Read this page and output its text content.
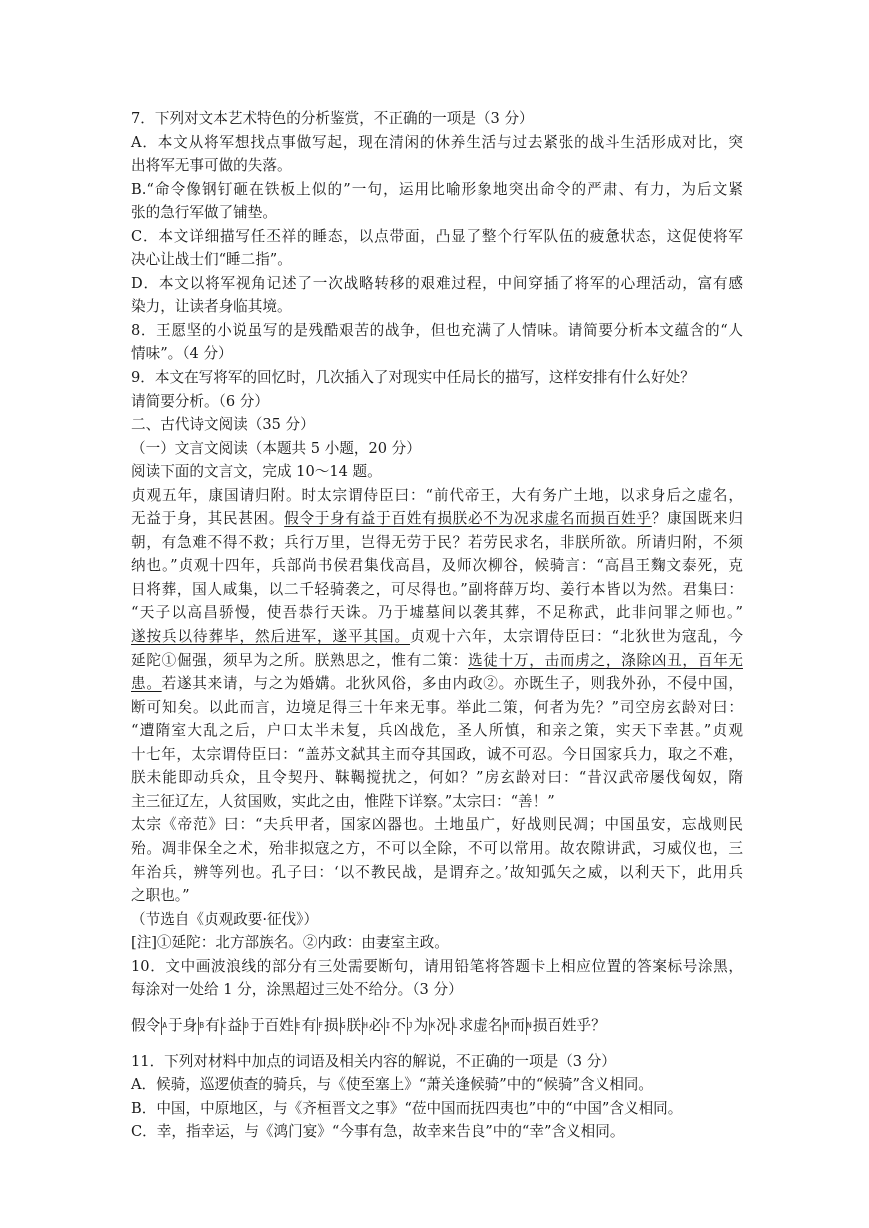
7．下列对文本艺术特色的分析鉴赏，不正确的一项是（3 分）
A．本文从将军想找点事做写起，现在清闲的休养生活与过去紧张的战斗生活形成对比，突
出将军无事可做的失落。
B.“命令像钢钉砸在铁板上似的”一句，运用比喻形象地突出命令的严肃、有力，为后文紧
张的急行军做了铺垫。
C．本文详细描写任丕祥的睡态，以点带面，凸显了整个行军队伍的疲惫状态，这促使将军
决心让战士们“睡二指”。
D．本文以将军视角记述了一次战略转移的艰难过程，中间穿插了将军的心理活动，富有感
染力，让读者身临其境。
8．王愿坚的小说虽写的是残酷艰苦的战争，但也充满了人情味。请简要分析本文蕴含的“人
情味”。（4 分）
9．本文在写将军的回忆时，几次插入了对现实中任局长的描写，这样安排有什么好处？
请简要分析。（6 分）
二、古代诗文阅读（35 分）
（一）文言文阅读（本题共 5 小题，20 分）
阅读下面的文言文，完成 10～14 题。
贞观五年，康国请归附。时太宗谓侍臣曰：“前代帝王，大有务广土地，以求身后之虚名，
无益于身，其民甚困。假令于身有益于百姓有损朕必不为况求虚名而损百姓乎？康国既来归
朝，有急难不得不救；兵行万里，岂得无劳于民？若劳民求名，非朕所欲。所请归附，不须
纳也。”贞观十四年，兵部尚书侯君集伐高昌，及师次柳谷，候骑言：“高昌王麴文泰死，克
日将葬，国人咸集，以二千轻骑袭之，可尽得也。”副将薛万均、姜行本皆以为然。君集曰：
“天子以高昌骄慢，使吾恭行天诛。乃于墟墓间以袭其葬，不足称武，此非问罪之师也。”
遂按兵以待葬毕，然后进军，遂平其国。贞观十六年，太宗谓侍臣曰：“北狄世为寇乱，今
延陀①倔强，须早为之所。朕熟思之，惟有二策：选徒十万，击而虏之，涤除凶丑，百年无
患。若遂其来请，与之为婚媾。北狄风俗，多由内政②。亦既生子，则我外孙，不侵中国，
断可知矣。以此而言，边境足得三十年来无事。举此二策，何者为先？”司空房玄龄对曰：
“遭隋室大乱之后，户口太半未复，兵凶战危，圣人所慎，和亲之策，实天下幸甚。”贞观
十七年，太宗谓侍臣曰：“盖苏文弑其主而夺其国政，诚不可忍。今日国家兵力，取之不难，
朕未能即动兵众，且令契丹、靺鞨搅扰之，何如？”房玄龄对曰：“昔汉武帝屡伐匈奴，隋
主三征辽左，人贫国败，实此之由，惟陛下详察。”太宗曰：“善！”
太宗《帝范》曰：“夫兵甲者，国家凶器也。土地虽广，好战则民凋；中国虽安，忘战则民
殆。凋非保全之术，殆非拟寇之方，不可以全除，不可以常用。故农隙讲武，习威仪也，三
年治兵，辨等列也。孔子曰：‘以不教民战，是谓弃之。’故知弧矢之威，以利天下，此用兵
之职也。”
（节选自《贞观政要·征伐》）
[注]①延陀：北方部族名。②内政：由妻室主政。
10．文中画波浪线的部分有三处需要断句，请用铅笔将答题卡上相应位置的答案标号涂黑，
每涂对一处给 1 分，涂黑超过三处不给分。（3 分）
假令 A于身 B有 C益 D于百姓 E有 F损 G朕 H必 I不 J为 K况 L求虚名 M而 N损百姓乎？
11．下列对材料中加点的词语及相关内容的解说，不正确的一项是（3 分）
A．候骑，巡逻侦查的骑兵，与《使至塞上》“萧关逢候骑”中的“候骑”含义相同。
B．中国，中原地区，与《齐桓晋文之事》“莅中国而抚四夷也”中的“中国”含义相同。
C．幸，指幸运，与《鸿门宴》“今事有急，故幸来告良”中的“幸”含义相同。
